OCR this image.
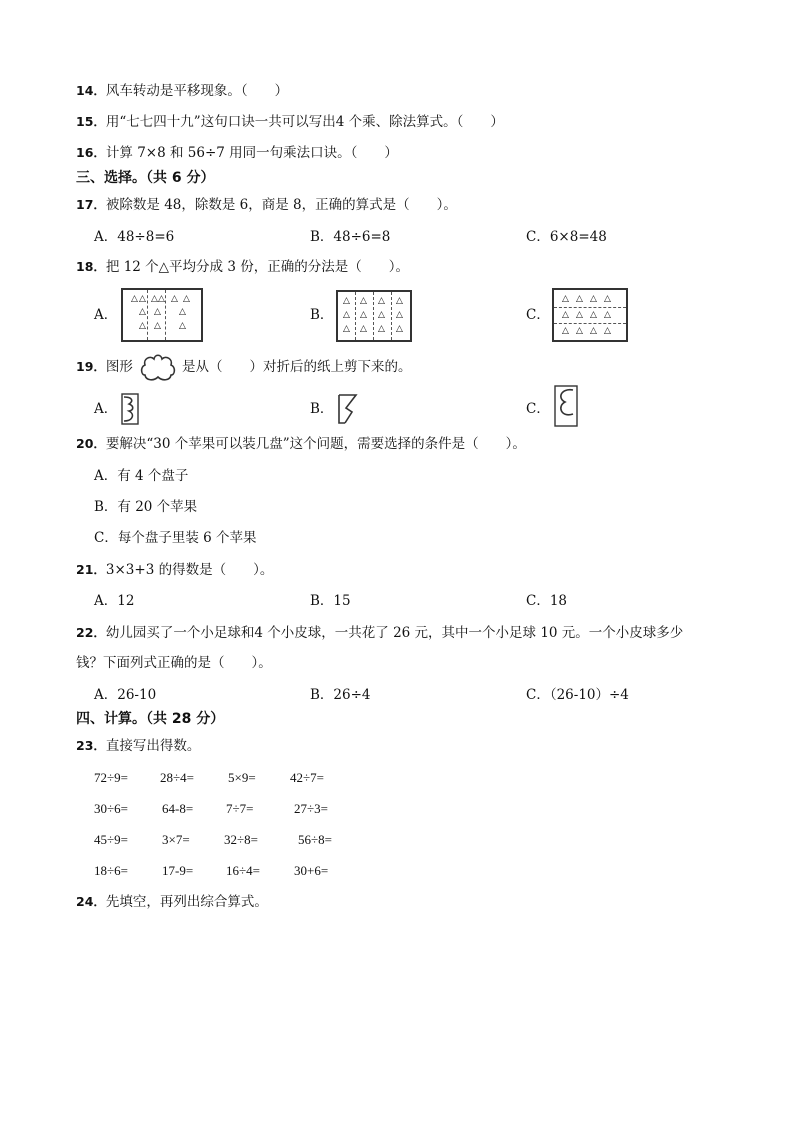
14．风车转动是平移现象。（　　）
15．用“七七四十九”这句口诀一共可以写出4 个乘、除法算式。（　　）
16．计算 7×8 和 56÷7 用同一句乘法口诀。（　　）
三、选择。（共 6 分）
17．被除数是 48，除数是 6，商是 8，正确的算式是（　　）。
A．48÷8=6	B．48÷6=8	C．6×8=48
18．把 12 个△平均分成 3 份，正确的分法是（　　）。
A．	B．	C．
△ △ △ △ △ △
△ △ △
△ △ △
△ △ △ △
△ △ △ △
△ △ △ △
△ △ △ △
△ △ △ △
△ △ △ △
19．图形	是从（　　）对折后的纸上剪下来的。
A．	B．	C．
20．要解决“30 个苹果可以装几盘”这个问题，需要选择的条件是（　　）。
A．有 4 个盘子
B．有 20 个苹果
C．每个盘子里装 6 个苹果
21．3×3+3 的得数是（　　）。
A．12	B．15	C．18
22．幼儿园买了一个小足球和4 个小皮球，一共花了 26 元，其中一个小足球 10 元。一个小皮球多少
钱？下面列式正确的是（　　）。
A．26-10	B．26÷4	C．（26-10）÷4
四、计算。（共 28 分）
23．直接写出得数。
72÷9= 28÷4=	5×9=	42÷7=
30÷6=	64-8=	7÷7=	27÷3=
45÷9=	3×7=	32÷8=	56÷8=
18÷6=	17-9=	16÷4=	30+6=
24．先填空，再列出综合算式。
